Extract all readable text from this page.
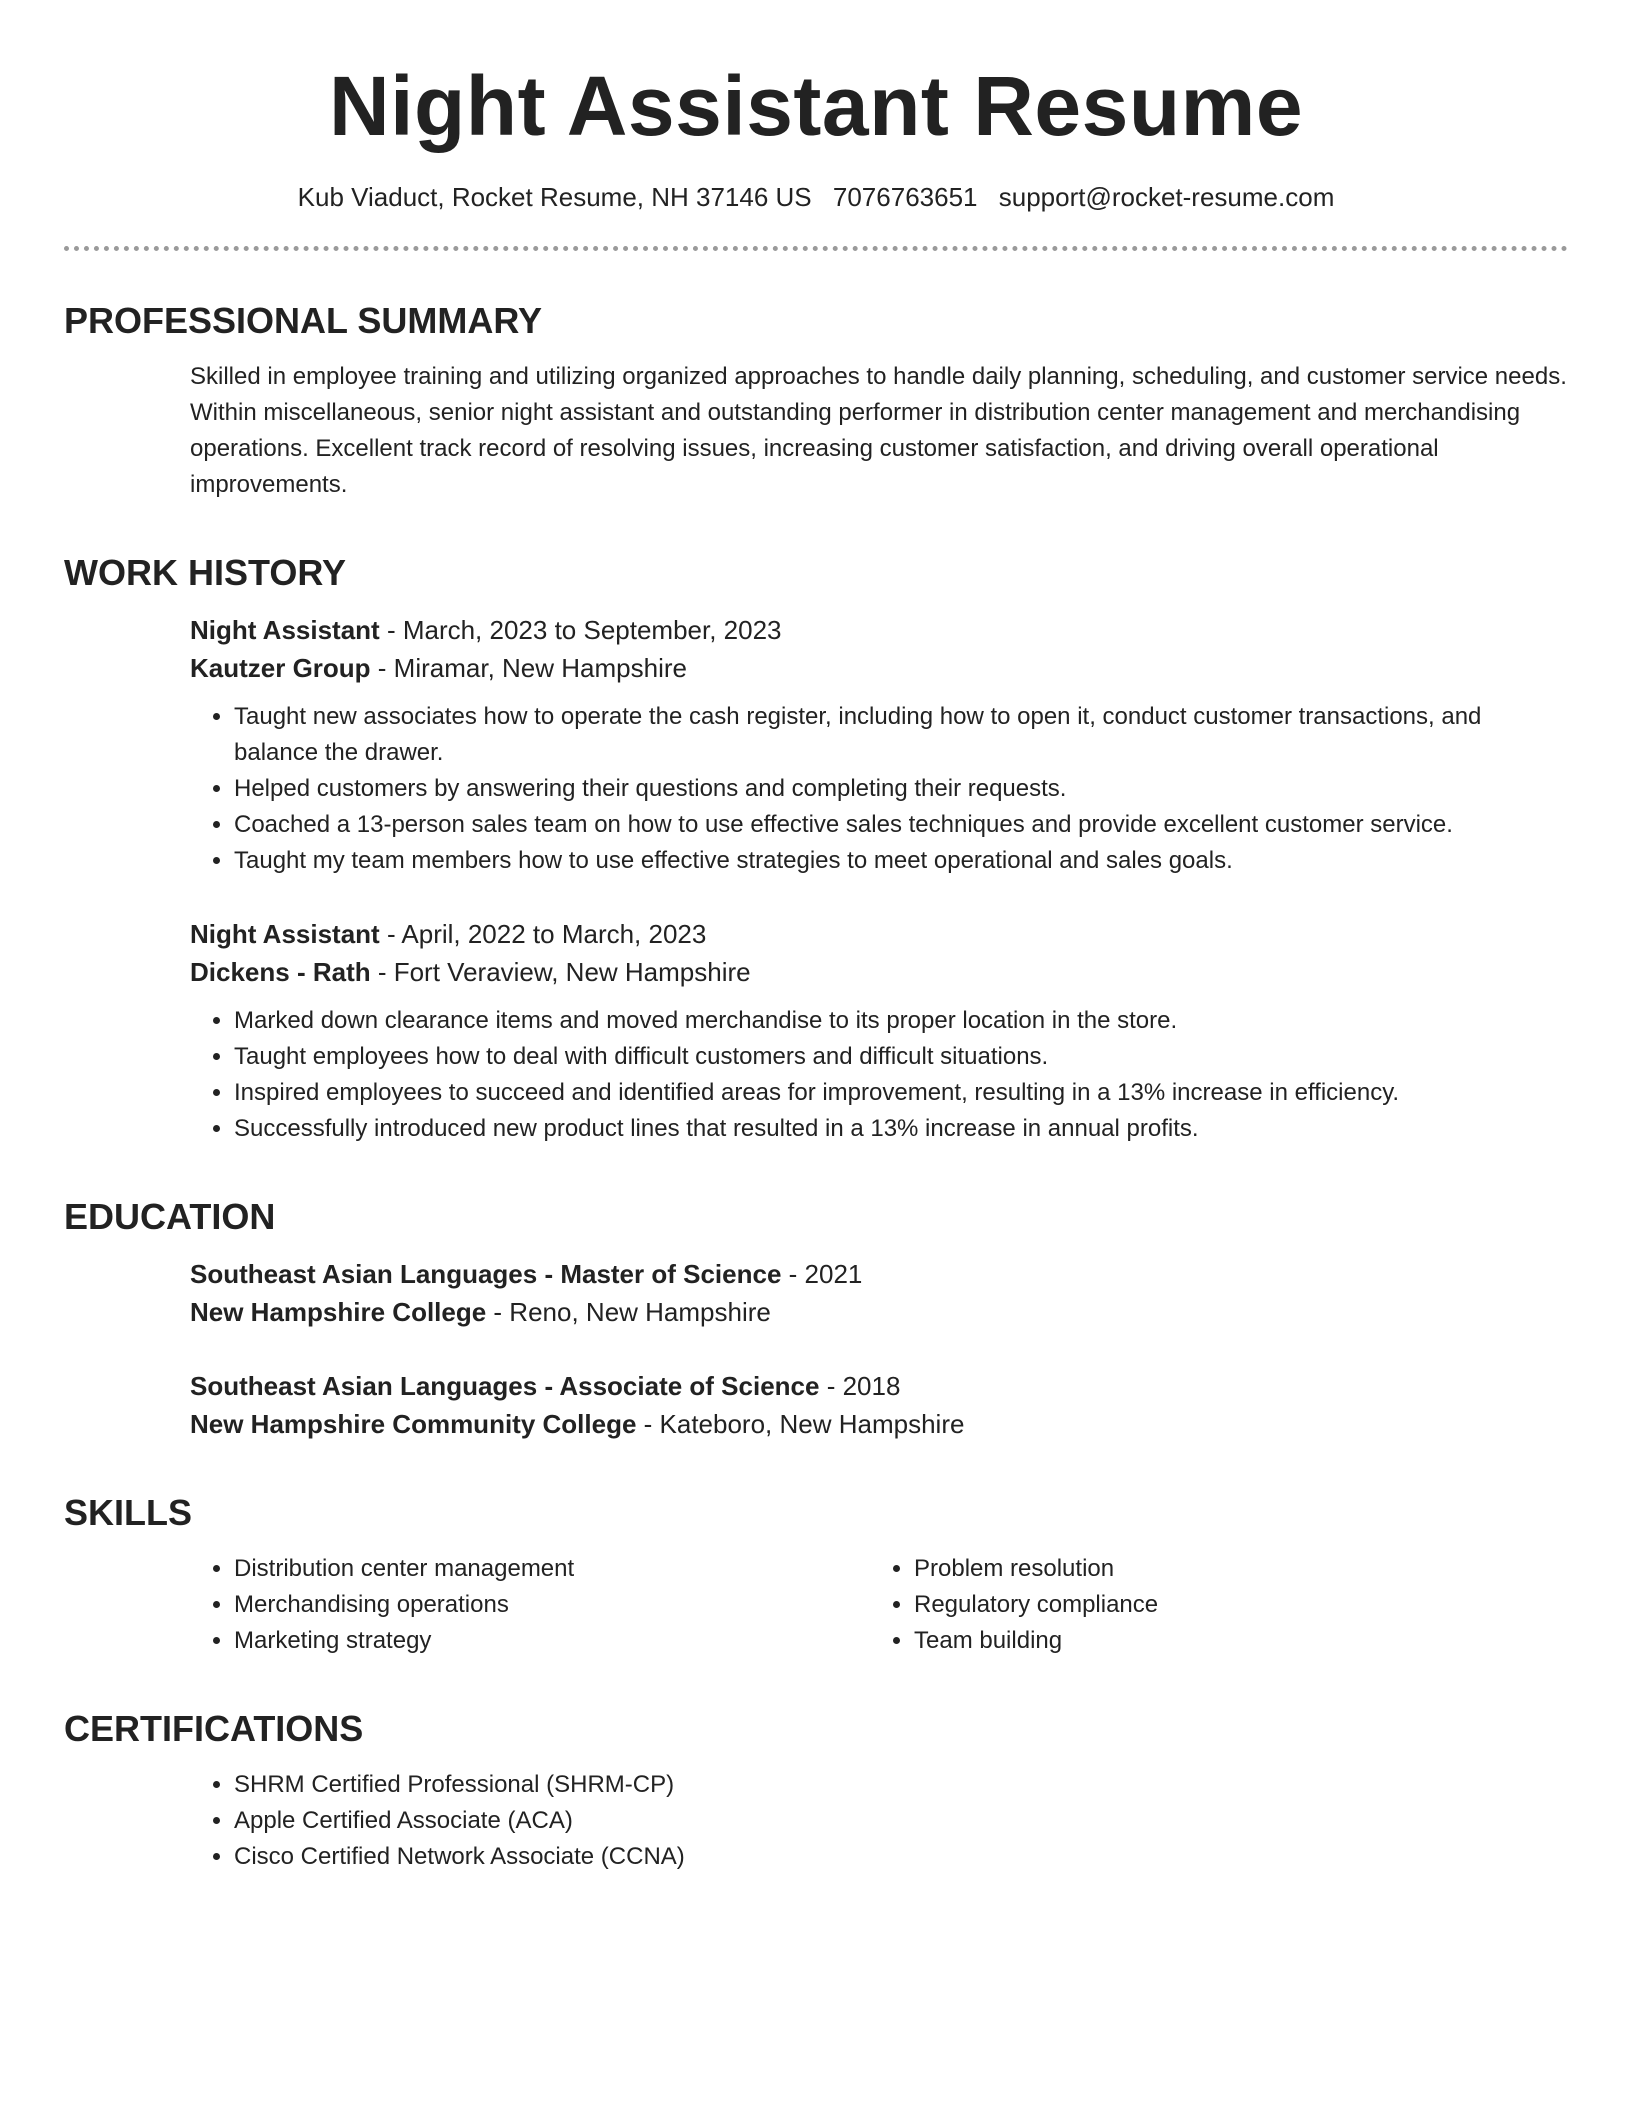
Night Assistant Resume
Kub Viaduct, Rocket Resume, NH 37146 US 7076763651 support@rocket-resume.com
PROFESSIONAL SUMMARY

Skilled in employee training and utilizing organized approaches to handle daily planning, scheduling, and customer service needs. Within miscellaneous, senior night assistant and outstanding performer in distribution center management and merchandising operations. Excellent track record of resolving issues, increasing customer satisfaction, and driving overall operational improvements.

WORK HISTORY
Night Assistant - March, 2023 to September, 2023
Kautzer Group - Miramar, New Hampshire
• Taught new associates how to operate the cash register, including how to open it, conduct customer transactions, and balance the drawer.
• Helped customers by answering their questions and completing their requests.
• Coached a 13-person sales team on how to use effective sales techniques and provide excellent customer service.
• Taught my team members how to use effective strategies to meet operational and sales goals.
Night Assistant - April, 2022 to March, 2023
Dickens - Rath - Fort Veraview, New Hampshire
• Marked down clearance items and moved merchandise to its proper location in the store.
• Taught employees how to deal with difficult customers and difficult situations.
• Inspired employees to succeed and identified areas for improvement, resulting in a 13% increase in efficiency.
• Successfully introduced new product lines that resulted in a 13% increase in annual profits.
EDUCATION
Southeast Asian Languages - Master of Science - 2021
New Hampshire College - Reno, New Hampshire
Southeast Asian Languages - Associate of Science - 2018
New Hampshire Community College - Kateboro, New Hampshire
SKILLS
• Distribution center management
• Merchandising operations
• Marketing strategy
• Problem resolution
• Regulatory compliance
• Team building
CERTIFICATIONS
• SHRM Certified Professional (SHRM-CP)
• Apple Certified Associate (ACA)
• Cisco Certified Network Associate (CCNA)
